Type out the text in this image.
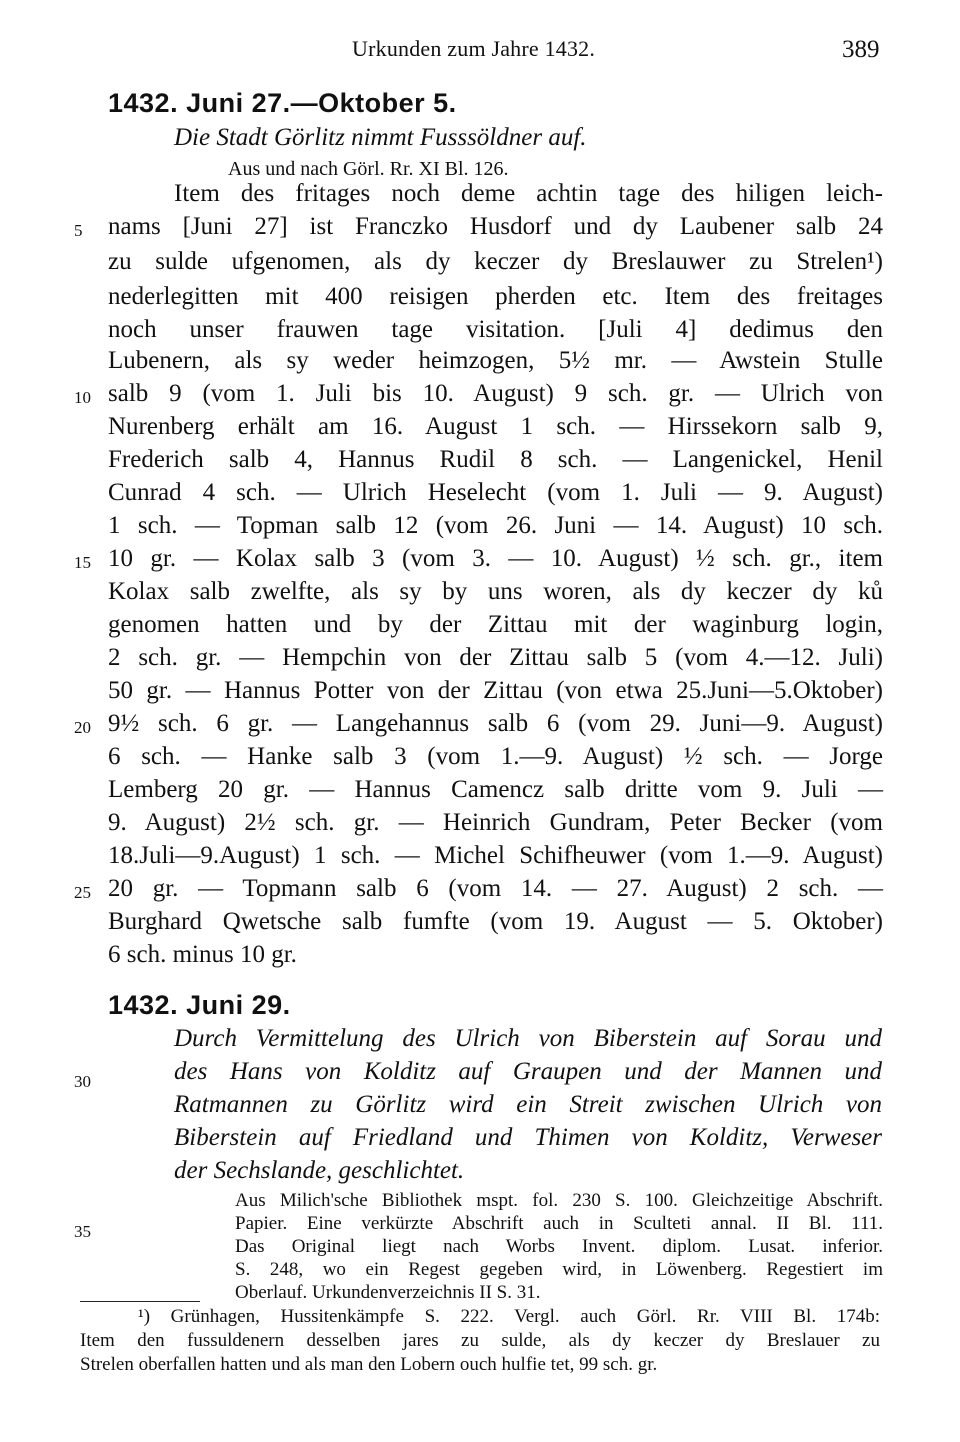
Urkunden zum Jahre 1432.	389
1432. Juni 27.—Oktober 5.
Die Stadt Görlitz nimmt Fusssöldner auf.
Aus und nach Görl. Rr. XI Bl. 126.
Item des fritages noch deme achtin tage des hiligen leich-
nams [Juni 27] ist Franczko Husdorf und dy Laubener salb 24
zu sulde ufgenomen, als dy keczer dy Breslauwer zu Strelen¹)
nederlegitten mit 400 reisigen pherden etc. Item des freitages
noch unser frauwen tage visitation. [Juli 4] dedimus den
Lubenern, als sy weder heimzogen, 5½ mr. — Awstein Stulle
salb 9 (vom 1. Juli bis 10. August) 9 sch. gr. — Ulrich von
Nurenberg erhält am 16. August 1 sch. — Hirssekorn salb 9,
Frederich salb 4, Hannus Rudil 8 sch. — Langenickel, Henil
Cunrad 4 sch. — Ulrich Heselecht (vom 1. Juli — 9. August)
1 sch. — Topman salb 12 (vom 26. Juni — 14. August) 10 sch.
10 gr. — Kolax salb 3 (vom 3. — 10. August) ½ sch. gr., item
Kolax salb zwelfte, als sy by uns woren, als dy keczer dy ků
genomen hatten und by der Zittau mit der waginburg login,
2 sch. gr. — Hempchin von der Zittau salb 5 (vom 4.—12. Juli)
50 gr. — Hannus Potter von der Zittau (von etwa 25.Juni—5.Oktober)
9½ sch. 6 gr. — Langehannus salb 6 (vom 29. Juni—9. August)
6 sch. — Hanke salb 3 (vom 1.—9. August) ½ sch. — Jorge
Lemberg 20 gr. — Hannus Camencz salb dritte vom 9. Juli —
9. August) 2½ sch. gr. — Heinrich Gundram, Peter Becker (vom
18.Juli—9.August) 1 sch. — Michel Schifheuwer (vom 1.—9. August)
20 gr. — Topmann salb 6 (vom 14. — 27. August) 2 sch. —
Burghard Qwetsche salb fumfte (vom 19. August — 5. Oktober)
6 sch. minus 10 gr.
5
10
15
20
25
1432. Juni 29.
Durch Vermittelung des Ulrich von Biberstein auf Sorau und
des Hans von Kolditz auf Graupen und der Mannen und
Ratmannen zu Görlitz wird ein Streit zwischen Ulrich von
Biberstein auf Friedland und Thimen von Kolditz, Verweser
der Sechslande, geschlichtet.
Aus Milich'sche Bibliothek mspt. fol. 230 S. 100. Gleichzeitige Abschrift.
Papier. Eine verkürzte Abschrift auch in Sculteti annal. II Bl. 111.
Das Original liegt nach Worbs Invent. diplom. Lusat. inferior.
S. 248, wo ein Regest gegeben wird, in Löwenberg. Regestiert im
Oberlauf. Urkundenverzeichnis II S. 31.
30
35
¹) Grünhagen, Hussitenkämpfe S. 222. Vergl. auch Görl. Rr. VIII Bl. 174b:
Item den fussuldenern desselben jares zu sulde, als dy keczer dy Breslauer zu
Strelen oberfallen hatten und als man den Lobern ouch hulfie tet, 99 sch. gr.
